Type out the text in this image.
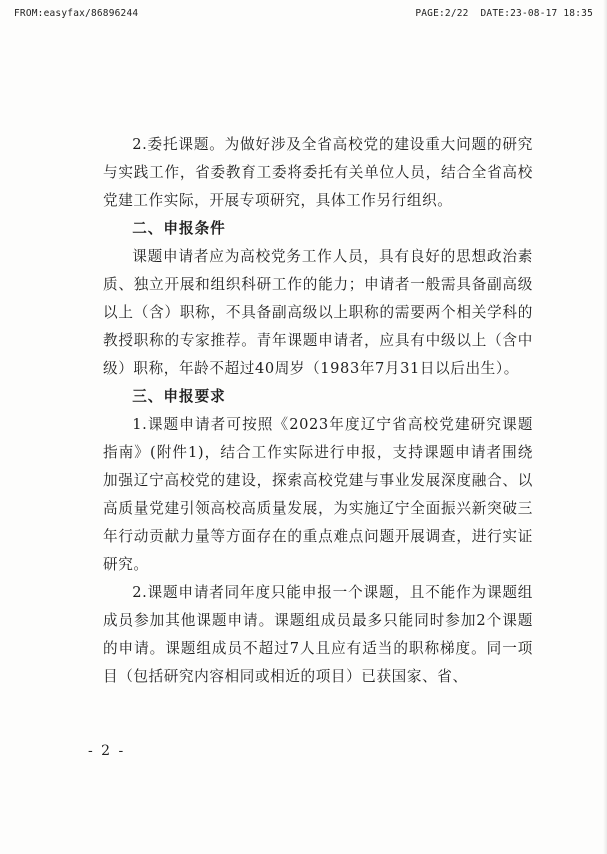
FROM:easyfax/86896244	PAGE:2/22 DATE:23-08-17 18:35

2.委托课题。为做好涉及全省高校党的建设重大问题的研究与实践工作，省委教育工委将委托有关单位人员，结合全省高校党建工作实际，开展专项研究，具体工作另行组织。

二、申报条件

课题申请者应为高校党务工作人员，具有良好的思想政治素质、独立开展和组织科研工作的能力；申请者一般需具备副高级以上（含）职称，不具备副高级以上职称的需要两个相关学科的教授职称的专家推荐。青年课题申请者，应具有中级以上（含中级）职称，年龄不超过40周岁（1983年7月31日以后出生）。

三、申报要求

1.课题申请者可按照《2023年度辽宁省高校党建研究课题指南》(附件1)，结合工作实际进行申报，支持课题申请者围绕加强辽宁高校党的建设，探索高校党建与事业发展深度融合、以高质量党建引领高校高质量发展，为实施辽宁全面振兴新突破三年行动贡献力量等方面存在的重点难点问题开展调查，进行实证研究。

2.课题申请者同年度只能申报一个课题，且不能作为课题组成员参加其他课题申请。课题组成员最多只能同时参加2个课题的申请。课题组成员不超过7人且应有适当的职称梯度。同一项目（包括研究内容相同或相近的项目）已获国家、省、

- 2 -
